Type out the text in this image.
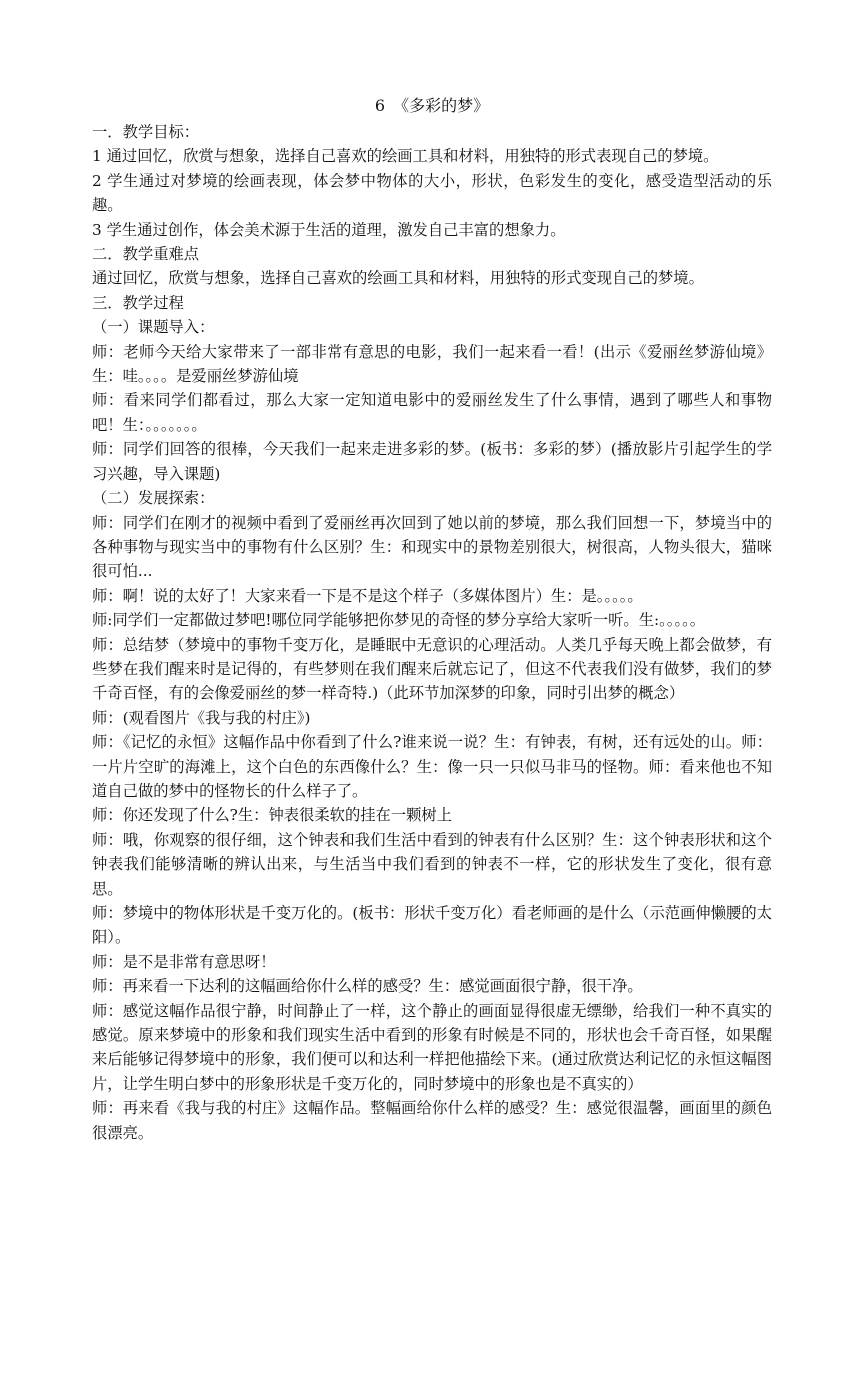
6　《多彩的梦》

一．教学目标：

1 通过回忆，欣赏与想象，选择自己喜欢的绘画工具和材料，用独特的形式表现自己的梦境。

2 学生通过对梦境的绘画表现，体会梦中物体的大小，形状，色彩发生的变化，感受造型活动的乐趣。

3 学生通过创作，体会美术源于生活的道理，激发自己丰富的想象力。

二．教学重难点

通过回忆，欣赏与想象，选择自己喜欢的绘画工具和材料，用独特的形式变现自己的梦境。

三．教学过程

（一）课题导入：

师：老师今天给大家带来了一部非常有意思的电影，我们一起来看一看！(出示《爱丽丝梦游仙境》生：哇。。。。是爱丽丝梦游仙境

师：看来同学们都看过，那么大家一定知道电影中的爱丽丝发生了什么事情，遇到了哪些人和事物吧！生：。。。。。。。

师：同学们回答的很棒，今天我们一起来走进多彩的梦。(板书：多彩的梦）(播放影片引起学生的学习兴趣，导入课题)

（二）发展探索：

师：同学们在刚才的视频中看到了爱丽丝再次回到了她以前的梦境，那么我们回想一下，梦境当中的各种事物与现实当中的事物有什么区别？生：和现实中的景物差别很大，树很高，人物头很大，猫咪很可怕...

师：啊！说的太好了！大家来看一下是不是这个样子（多媒体图片）生：是。。。。。

师:同学们一定都做过梦吧!哪位同学能够把你梦见的奇怪的梦分享给大家听一听。生:。。。。。

师：总结梦（梦境中的事物千变万化，是睡眠中无意识的心理活动。人类几乎每天晚上都会做梦，有些梦在我们醒来时是记得的，有些梦则在我们醒来后就忘记了，但这不代表我们没有做梦，我们的梦千奇百怪，有的会像爱丽丝的梦一样奇特.)（此环节加深梦的印象，同时引出梦的概念）

师：(观看图片《我与我的村庄》)

师：《记忆的永恒》这幅作品中你看到了什么?谁来说一说？生：有钟表，有树，还有远处的山。师：一片片空旷的海滩上，这个白色的东西像什么？生：像一只一只似马非马的怪物。师：看来他也不知道自己做的梦中的怪物长的什么样子了。

师：你还发现了什么?生：钟表很柔软的挂在一颗树上

师：哦，你观察的很仔细，这个钟表和我们生活中看到的钟表有什么区别？生：这个钟表形状和这个钟表我们能够清晰的辨认出来，与生活当中我们看到的钟表不一样，它的形状发生了变化，很有意思。

师：梦境中的物体形状是千变万化的。(板书：形状千变万化）看老师画的是什么（示范画伸懒腰的太阳）。

师：是不是非常有意思呀！

师：再来看一下达利的这幅画给你什么样的感受？生：感觉画面很宁静，很干净。

师：感觉这幅作品很宁静，时间静止了一样，这个静止的画面显得很虚无缥缈，给我们一种不真实的感觉。原来梦境中的形象和我们现实生活中看到的形象有时候是不同的，形状也会千奇百怪，如果醒来后能够记得梦境中的形象，我们便可以和达利一样把他描绘下来。(通过欣赏达利记忆的永恒这幅图片，让学生明白梦中的形象形状是千变万化的，同时梦境中的形象也是不真实的）

师：再来看《我与我的村庄》这幅作品。整幅画给你什么样的感受？生：感觉很温馨，画面里的颜色很漂亮。
